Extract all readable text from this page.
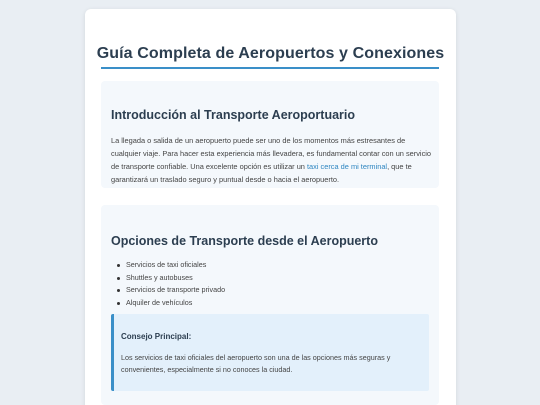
Guía Completa de Aeropuertos y Conexiones
Introducción al Transporte Aeroportuario

La llegada o salida de un aeropuerto puede ser uno de los momentos más estresantes de cualquier viaje. Para hacer esta experiencia más llevadera, es fundamental contar con un servicio de transporte confiable. Una excelente opción es utilizar un taxi cerca de mi terminal, que te garantizará un traslado seguro y puntual desde o hacia el aeropuerto.

Opciones de Transporte desde el Aeropuerto
Servicios de taxi oficiales
Shuttles y autobuses
Servicios de transporte privado
Alquiler de vehículos
Consejo Principal:

Los servicios de taxi oficiales del aeropuerto son una de las opciones más seguras y convenientes, especialmente si no conoces la ciudad.
